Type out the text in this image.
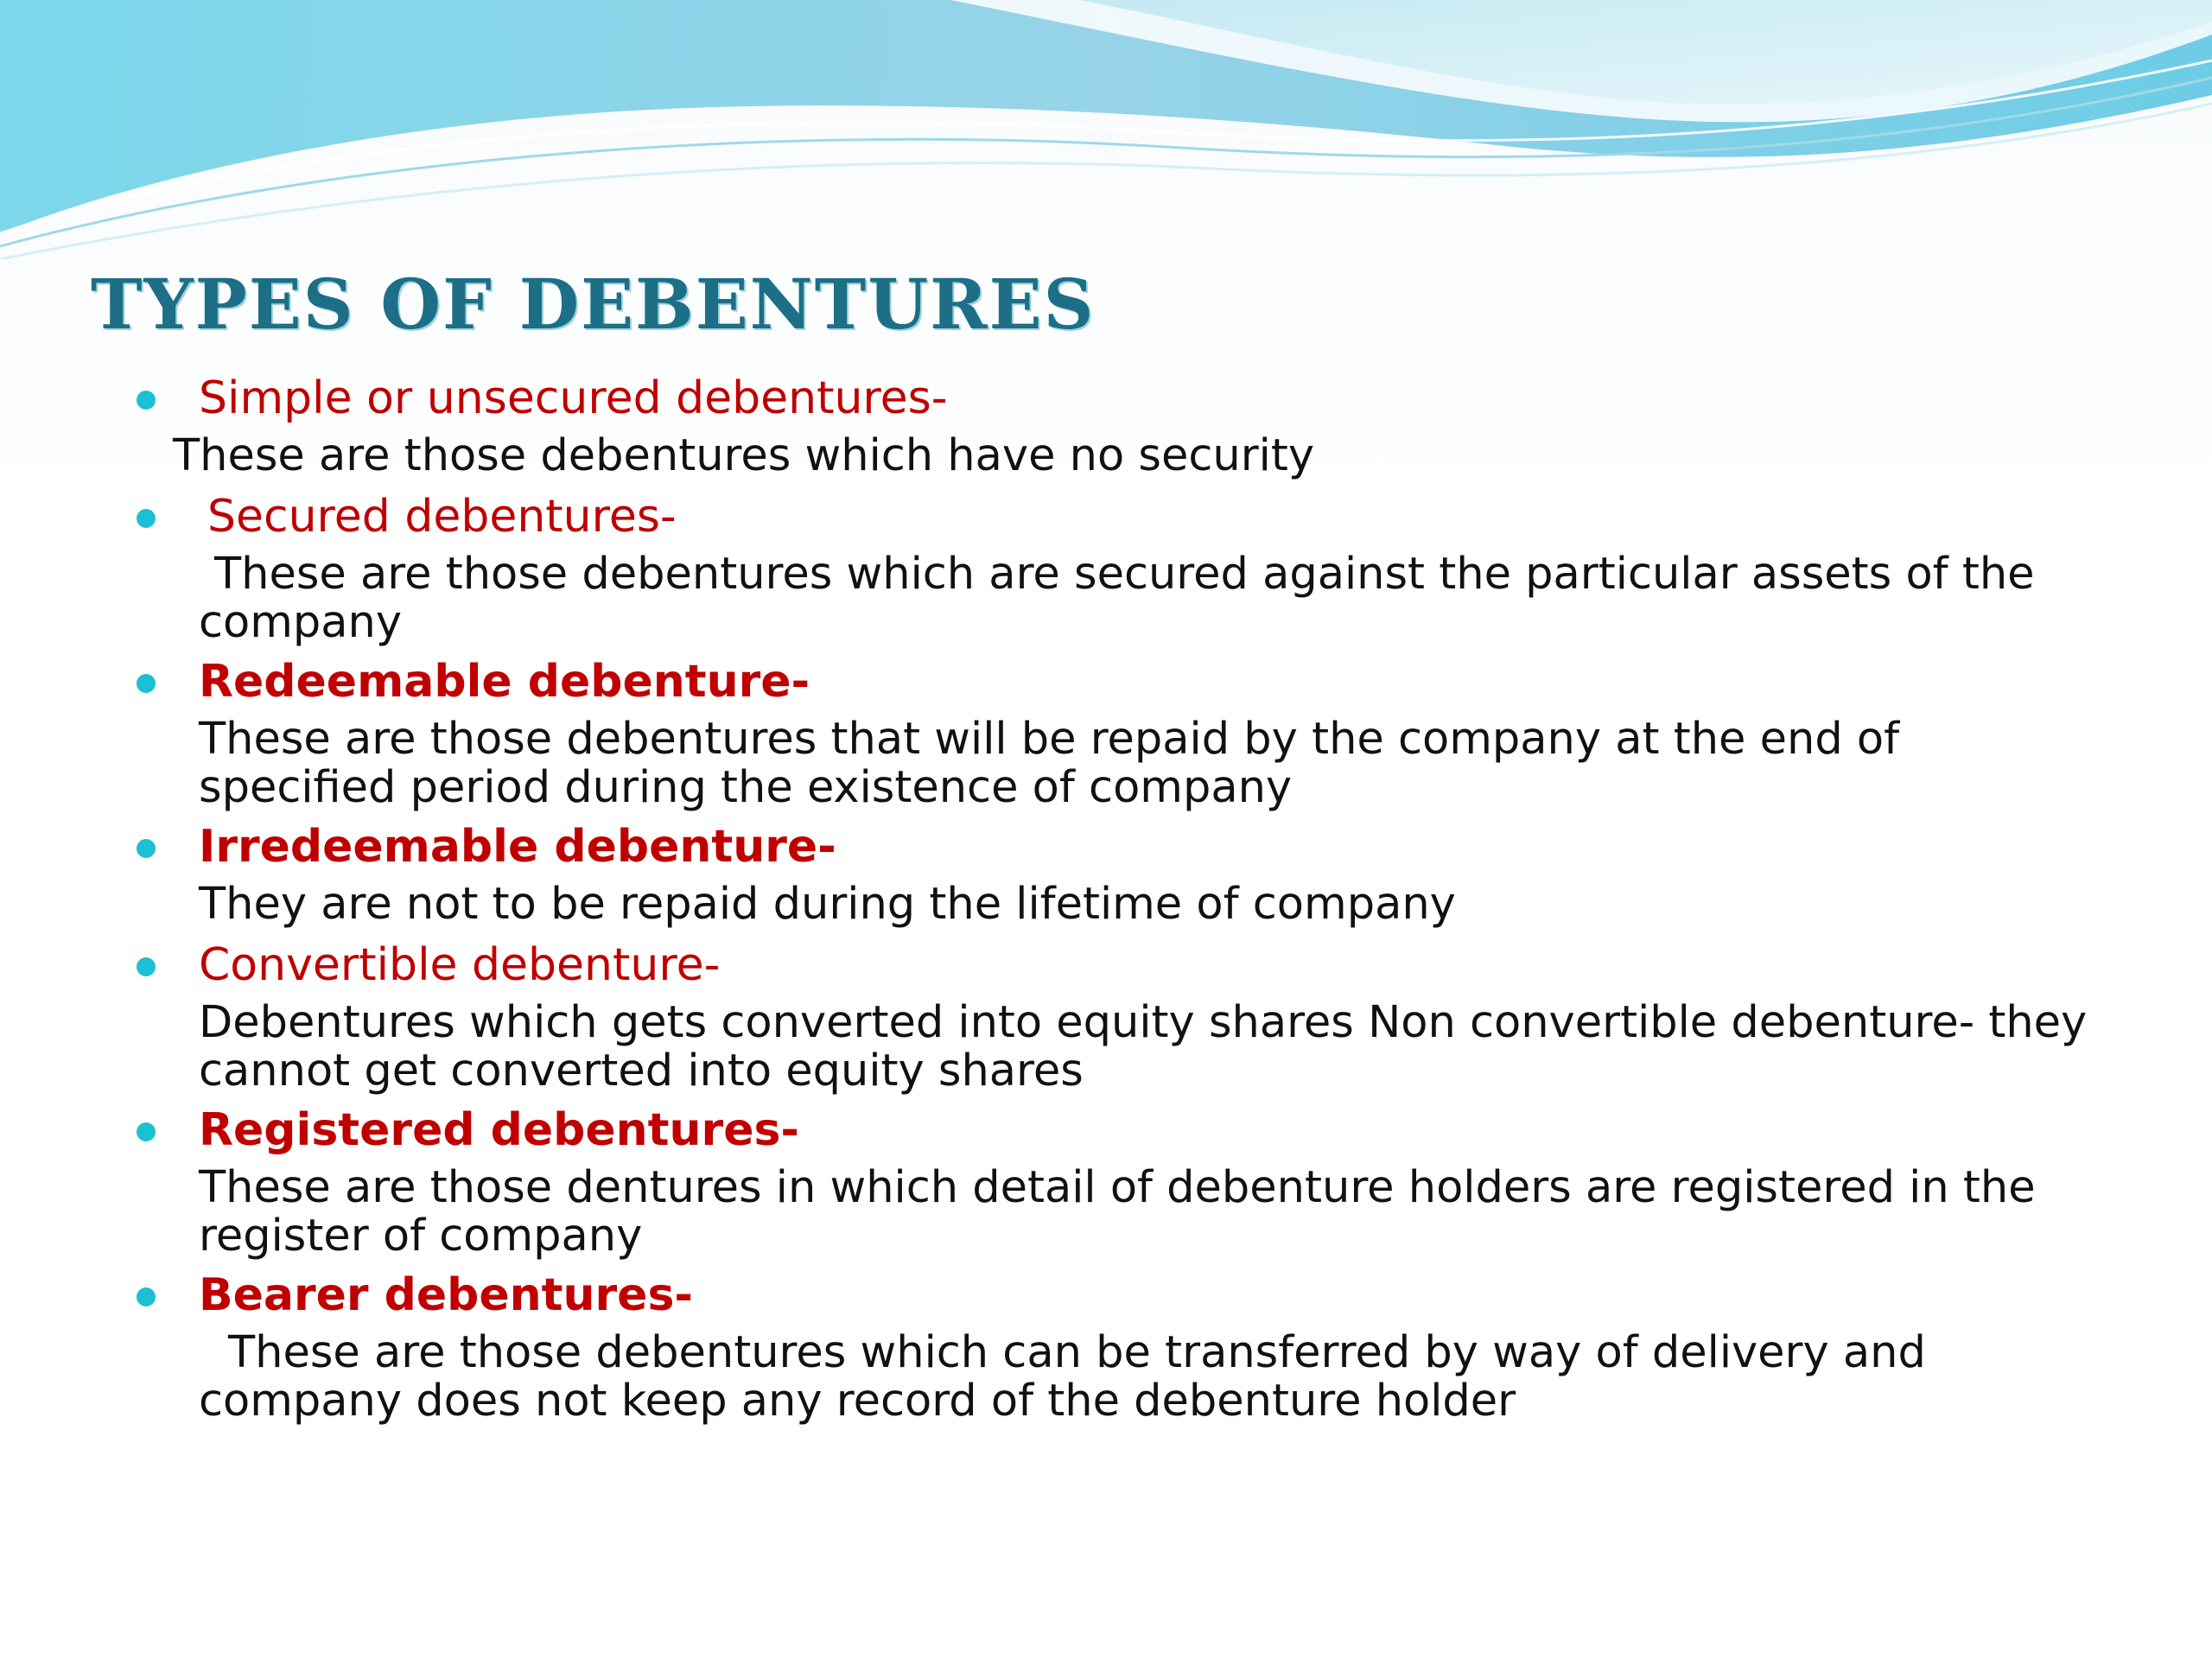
TYPES OF DEBENTURES

Simple or unsecured debentures-

These are those debentures which have no security

Secured debentures-

These are those debentures which are secured against the particular assets of the company

Redeemable debenture-

These are those debentures that will be repaid by the company at the end of specified period during the existence of company

Irredeemable debenture-

They are not to be repaid during the lifetime of company

Convertible debenture-

Debentures which gets converted into equity shares Non convertible debenture- they cannot get converted into equity shares

Registered debentures-

These are those dentures in which detail of debenture holders are registered in the register of company

Bearer debentures-

These are those debentures which can be transferred by way of delivery and company does not keep any record of the debenture holder
